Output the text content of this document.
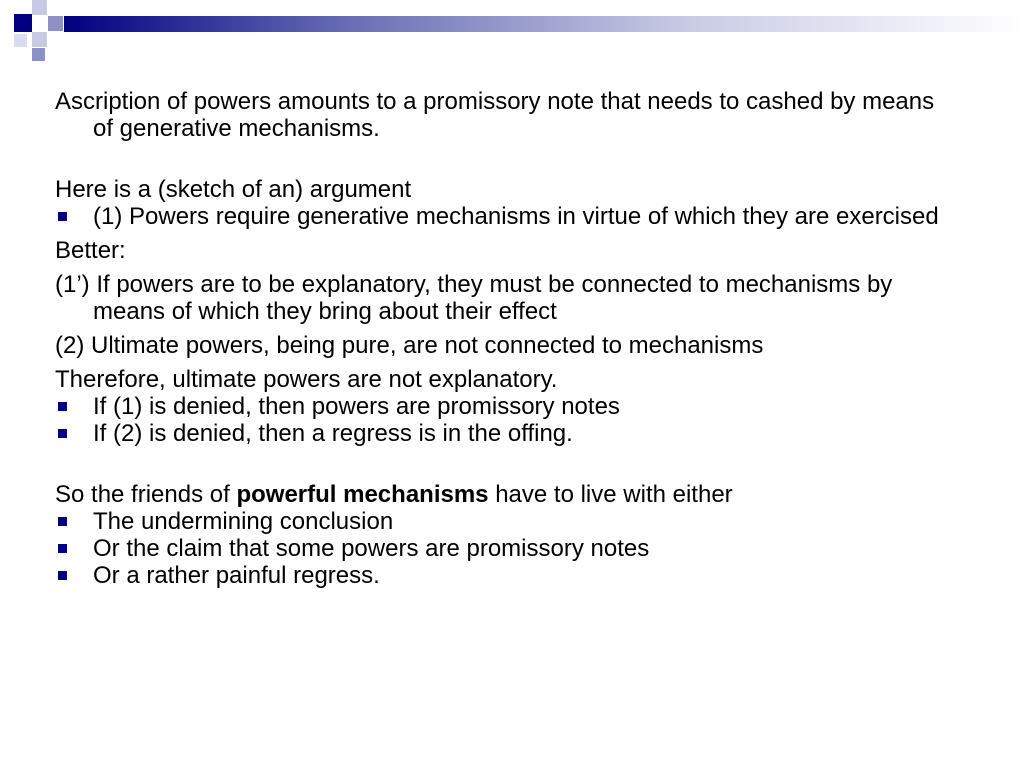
Ascription of powers amounts to a promissory note that needs to cashed by means of generative mechanisms.

Here is a (sketch of an) argument

(1) Powers require generative mechanisms in virtue of which they are exercised

Better:

(1’) If powers are to be explanatory, they must be connected to mechanisms by means of which they bring about their effect

(2) Ultimate powers, being pure, are not connected to mechanisms

Therefore, ultimate powers are not explanatory.

If (1) is denied, then powers are promissory notes

If (2) is denied, then a regress is in the offing.

So the friends of powerful mechanisms have to live with either

The undermining conclusion

Or the claim that some powers are promissory notes

Or a rather painful regress.
